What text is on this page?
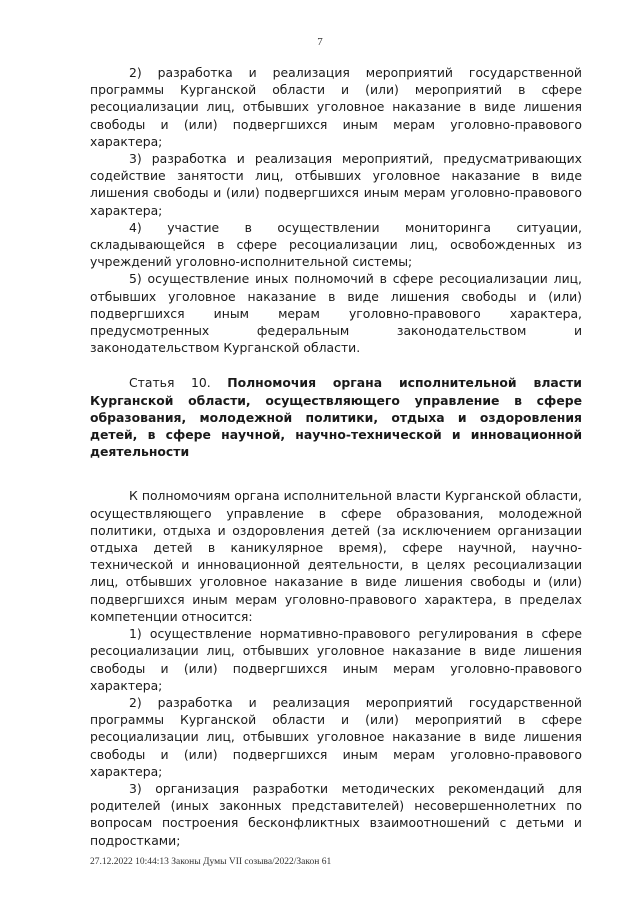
7

2) разработка и реализация мероприятий государственной программы Курганской области и (или) мероприятий в сфере ресоциализации лиц, отбывших уголовное наказание в виде лишения свободы и (или) подвергшихся иным мерам уголовно-правового характера;

3) разработка и реализация мероприятий, предусматривающих содействие занятости лиц, отбывших уголовное наказание в виде лишения свободы и (или) подвергшихся иным мерам уголовно-правового характера;

4) участие в осуществлении мониторинга ситуации, складывающейся в сфере ресоциализации лиц, освобожденных из учреждений уголовно-исполнительной системы;

5) осуществление иных полномочий в сфере ресоциализации лиц, отбывших уголовное наказание в виде лишения свободы и (или) подвергшихся иным мерам уголовно-правового характера, предусмотренных федеральным законодательством и законодательством Курганской области.

Статья 10. Полномочия органа исполнительной власти Курганской области, осуществляющего управление в сфере образования, молодежной политики, отдыха и оздоровления детей, в сфере научной, научно-технической и инновационной деятельности

К полномочиям органа исполнительной власти Курганской области, осуществляющего управление в сфере образования, молодежной политики, отдыха и оздоровления детей (за исключением организации отдыха детей в каникулярное время), сфере научной, научно-технической и инновационной деятельности, в целях ресоциализации лиц, отбывших уголовное наказание в виде лишения свободы и (или) подвергшихся иным мерам уголовно-правового характера, в пределах компетенции относится:

1) осуществление нормативно-правового регулирования в сфере ресоциализации лиц, отбывших уголовное наказание в виде лишения свободы и (или) подвергшихся иным мерам уголовно-правового характера;

2) разработка и реализация мероприятий государственной программы Курганской области и (или) мероприятий в сфере ресоциализации лиц, отбывших уголовное наказание в виде лишения свободы и (или) подвергшихся иным мерам уголовно-правового характера;

3) организация разработки методических рекомендаций для родителей (иных законных представителей) несовершеннолетних по вопросам построения бесконфликтных взаимоотношений с детьми и подростками;

27.12.2022 10:44:13 Законы Думы VII созыва/2022/Закон 61
